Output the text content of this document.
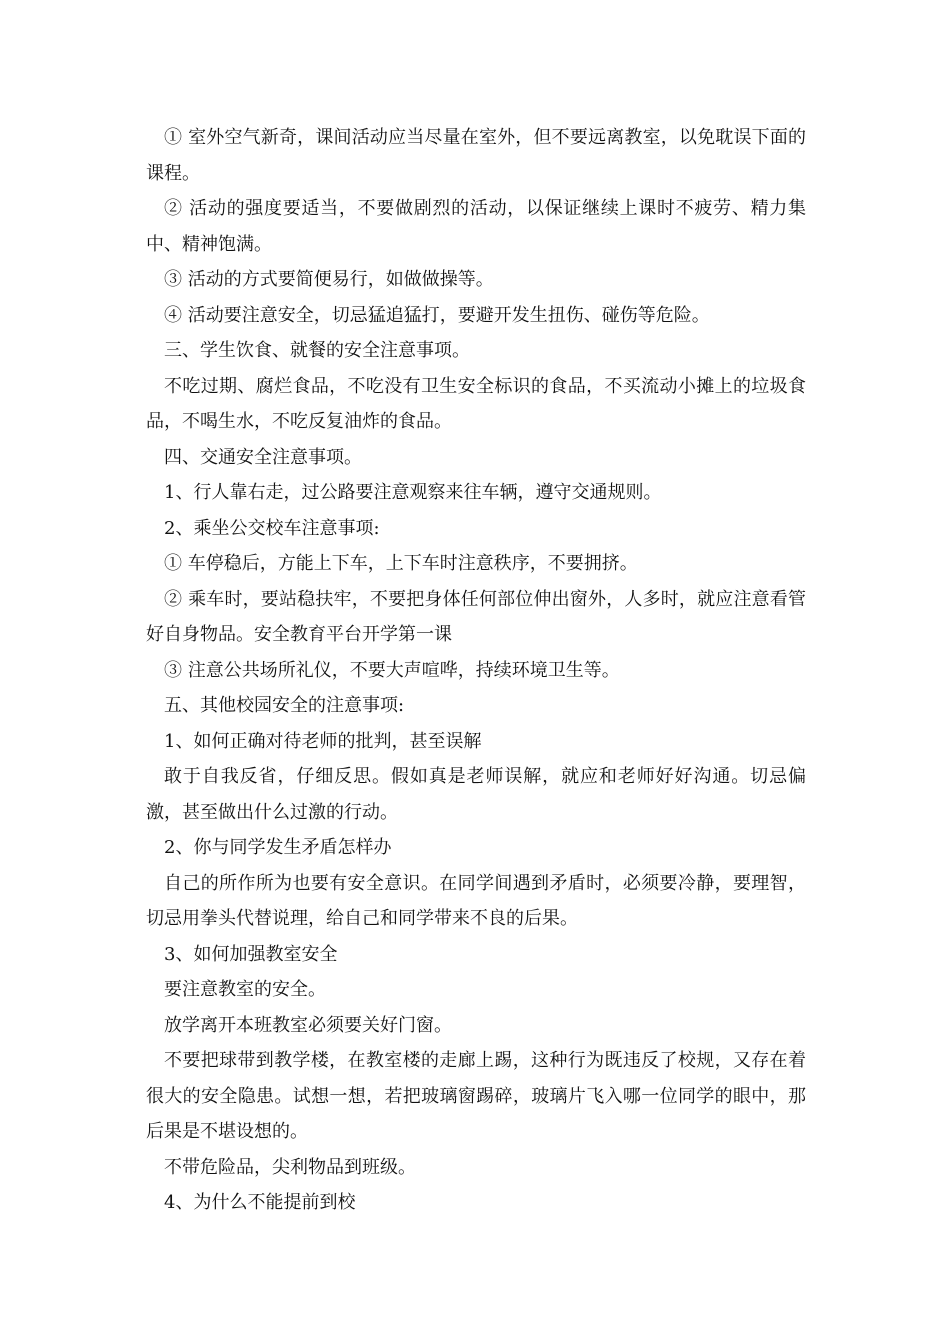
① 室外空气新奇，课间活动应当尽量在室外，但不要远离教室，以免耽误下面的课程。

② 活动的强度要适当，不要做剧烈的活动，以保证继续上课时不疲劳、精力集中、精神饱满。

③ 活动的方式要简便易行，如做做操等。

④ 活动要注意安全，切忌猛追猛打，要避开发生扭伤、碰伤等危险。

三、学生饮食、就餐的安全注意事项。

不吃过期、腐烂食品，不吃没有卫生安全标识的食品，不买流动小摊上的垃圾食品，不喝生水，不吃反复油炸的食品。

四、交通安全注意事项。

1、行人靠右走，过公路要注意观察来往车辆，遵守交通规则。

2、乘坐公交校车注意事项:

① 车停稳后，方能上下车，上下车时注意秩序，不要拥挤。

② 乘车时，要站稳扶牢，不要把身体任何部位伸出窗外，人多时，就应注意看管好自身物品。安全教育平台开学第一课

③ 注意公共场所礼仪，不要大声喧哗，持续环境卫生等。

五、其他校园安全的注意事项:

1、如何正确对待老师的批判，甚至误解

敢于自我反省，仔细反思。假如真是老师误解，就应和老师好好沟通。切忌偏激，甚至做出什么过激的行动。

2、你与同学发生矛盾怎样办

自己的所作所为也要有安全意识。在同学间遇到矛盾时，必须要冷静，要理智，切忌用拳头代替说理，给自己和同学带来不良的后果。

3、如何加强教室安全

要注意教室的安全。

放学离开本班教室必须要关好门窗。

不要把球带到教学楼，在教室楼的走廊上踢，这种行为既违反了校规，又存在着很大的安全隐患。试想一想，若把玻璃窗踢碎，玻璃片飞入哪一位同学的眼中，那后果是不堪设想的。

不带危险品，尖利物品到班级。

4、为什么不能提前到校
